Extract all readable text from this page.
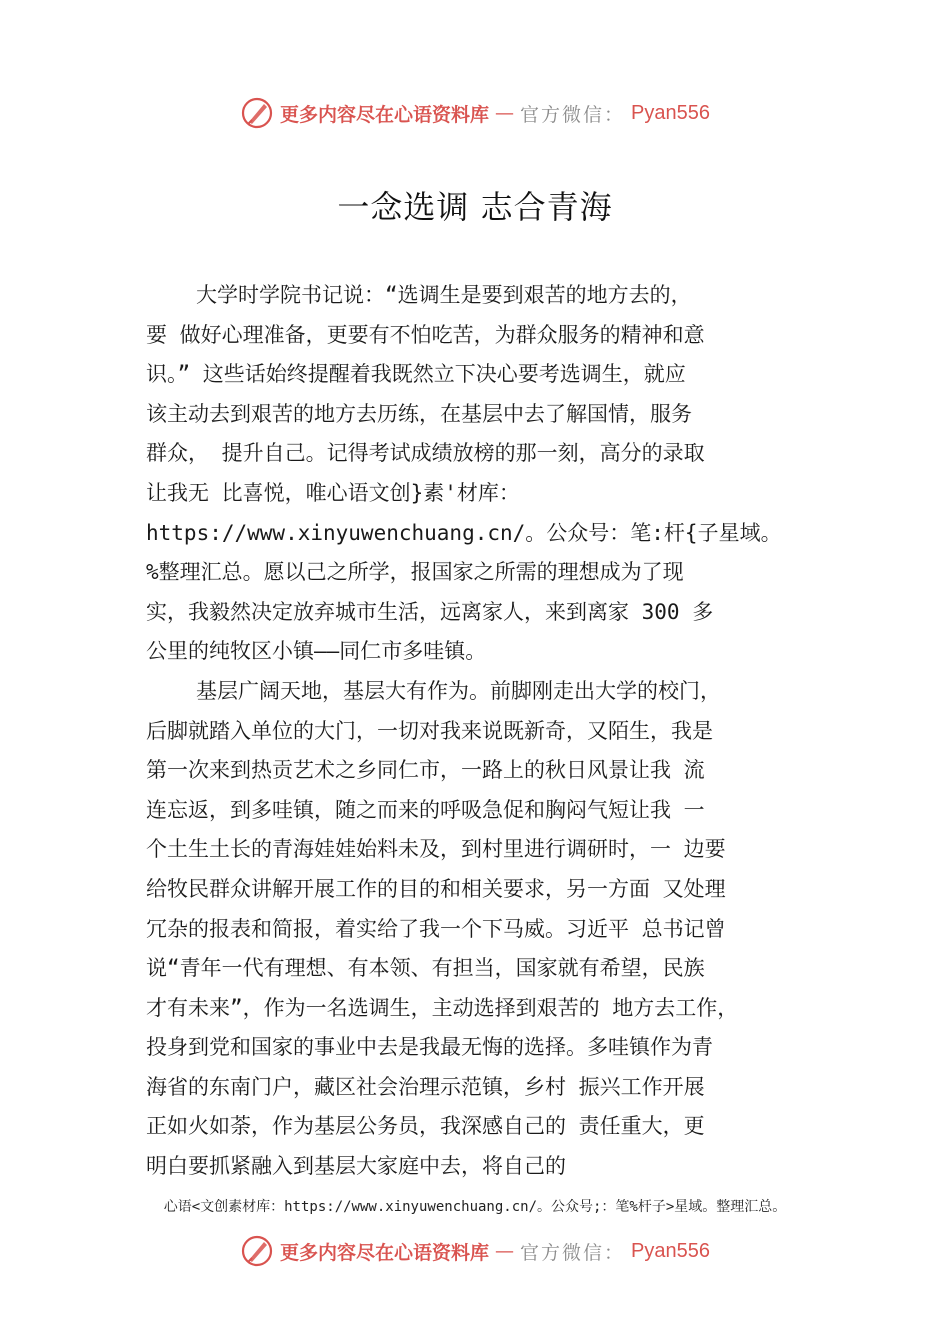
更多内容尽在心语资料库 — 官方微信： Pyan556
一念选调 志合青海
大学时学院书记说：“选调生是要到艰苦的地方去的，
要 做好心理准备，更要有不怕吃苦，为群众服务的精神和意
识。” 这些话始终提醒着我既然立下决心要考选调生，就应
该主动去到艰苦的地方去历练，在基层中去了解国情，服务
群众， 提升自己。记得考试成绩放榜的那一刻，高分的录取
让我无 比喜悦，唯心语文创}素'材库：
https://www.xinyuwenchuang.cn/。公众号：笔:杆{子星域。
%整理汇总。愿以己之所学，报国家之所需的理想成为了现
实，我毅然决定放弃城市生活，远离家人，来到离家 300 多
公里的纯牧区小镇——同仁市多哇镇。
基层广阔天地，基层大有作为。前脚刚走出大学的校门，
后脚就踏入单位的大门，一切对我来说既新奇，又陌生，我是
第一次来到热贡艺术之乡同仁市，一路上的秋日风景让我 流
连忘返，到多哇镇，随之而来的呼吸急促和胸闷气短让我 一
个土生土长的青海娃娃始料未及，到村里进行调研时，一 边要
给牧民群众讲解开展工作的目的和相关要求，另一方面 又处理
冗杂的报表和简报，着实给了我一个下马威。习近平 总书记曾
说“青年一代有理想、有本领、有担当，国家就有希望，民族
才有未来”，作为一名选调生，主动选择到艰苦的 地方去工作，
投身到党和国家的事业中去是我最无悔的选择。多哇镇作为青
海省的东南门户，藏区社会治理示范镇，乡村 振兴工作开展
正如火如荼，作为基层公务员，我深感自己的 责任重大，更
明白要抓紧融入到基层大家庭中去，将自己的
心语<文创素材库：https://www.xinyuwenchuang.cn/。公众号;：笔%杆子>星域。整理汇总。
更多内容尽在心语资料库 — 官方微信： Pyan556
